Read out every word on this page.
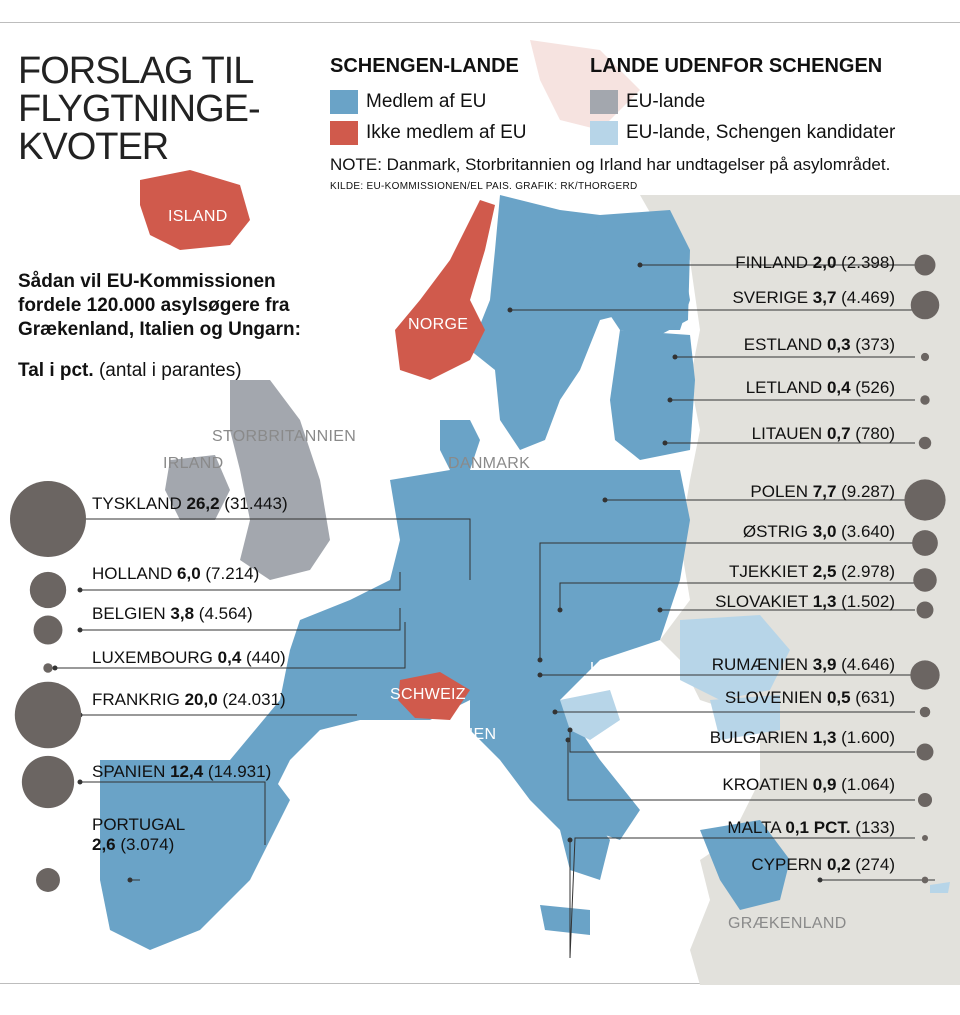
FORSLAG TIL
FLYGTNINGE-
KVOTER
Sådan vil EU-Kommissionen
fordele 120.000 asylsøgere fra
Grækenland, Italien og Ungarn:
Tal i pct. (antal i parantes)
SCHENGEN-LANDE	LANDE UDENFOR SCHENGEN
Medlem af EU
Ikke medlem af EU
EU-lande
EU-lande, Schengen kandidater
NOTE: Danmark, Storbritannien og Irland har undtagelser på asylområdet.
KILDE: EU-KOMMISSIONEN/EL PAIS. GRAFIK: RK/THORGERD
ISLAND
NORGE
STORBRITANNIEN
IRLAND	DANMARK
SCHWEIZ
ITALIEN
UNGARN
GRÆKENLAND
FINLAND 2,0 (2.398)
SVERIGE 3,7 (4.469)
ESTLAND 0,3 (373)
LETLAND 0,4 (526)
LITAUEN 0,7 (780)
POLEN 7,7 (9.287)
ØSTRIG 3,0 (3.640)
TJEKKIET 2,5 (2.978)
SLOVAKIET 1,3 (1.502)
RUMÆNIEN 3,9 (4.646)
SLOVENIEN 0,5 (631)
BULGARIEN 1,3 (1.600)
KROATIEN 0,9 (1.064)
MALTA 0,1 PCT. (133)
CYPERN 0,2 (274)
TYSKLAND 26,2 (31.443)
HOLLAND 6,0 (7.214)
BELGIEN 3,8 (4.564)
LUXEMBOURG 0,4 (440)
FRANKRIG 20,0 (24.031)
SPANIEN 12,4 (14.931)
PORTUGAL
2,6 (3.074)
